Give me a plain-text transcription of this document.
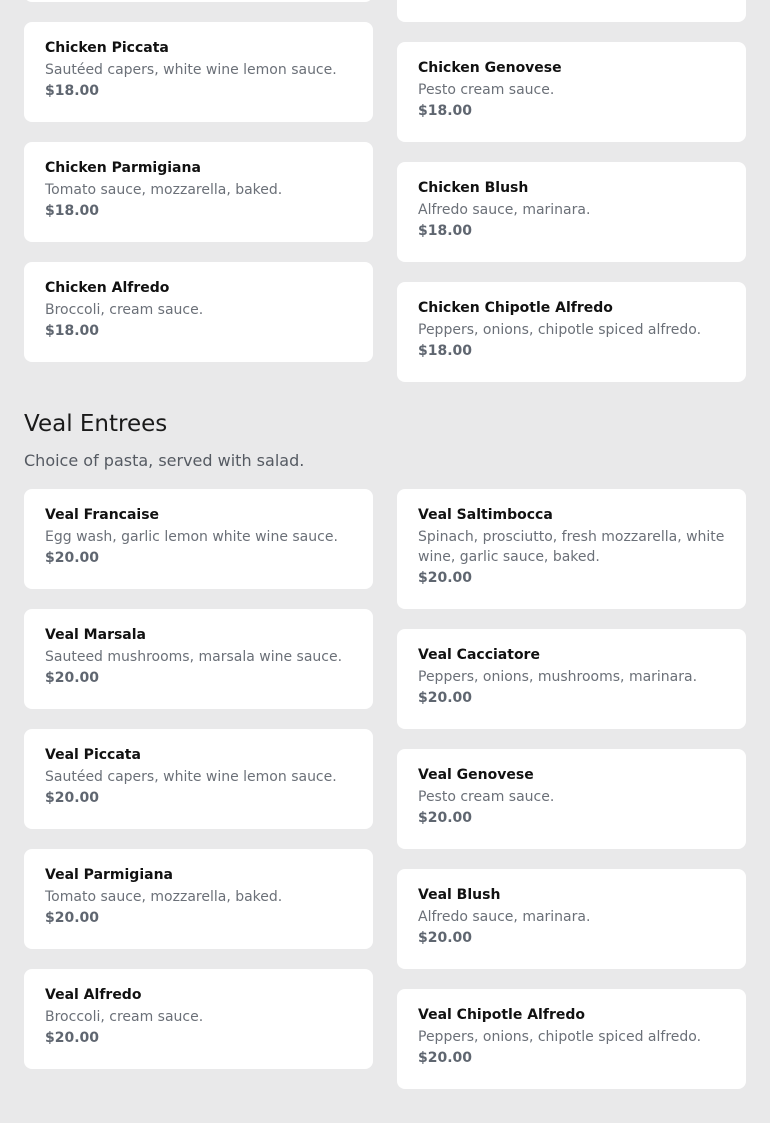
Chicken Piccata
Sautéed capers, white wine lemon sauce.
$18.00
Chicken Parmigiana
Tomato sauce, mozzarella, baked.
$18.00
Chicken Alfredo
Broccoli, cream sauce.
$18.00
Chicken Genovese
Pesto cream sauce.
$18.00
Chicken Blush
Alfredo sauce, marinara.
$18.00
Chicken Chipotle Alfredo
Peppers, onions, chipotle spiced alfredo.
$18.00
Veal Entrees

Choice of pasta, served with salad.

Veal Francaise
Egg wash, garlic lemon white wine sauce.
$20.00
Veal Marsala
Sauteed mushrooms, marsala wine sauce.
$20.00
Veal Piccata
Sautéed capers, white wine lemon sauce.
$20.00
Veal Parmigiana
Tomato sauce, mozzarella, baked.
$20.00
Veal Alfredo
Broccoli, cream sauce.
$20.00
Veal Saltimbocca
Spinach, prosciutto, fresh mozzarella, white wine, garlic sauce, baked.
$20.00
Veal Cacciatore
Peppers, onions, mushrooms, marinara.
$20.00
Veal Genovese
Pesto cream sauce.
$20.00
Veal Blush
Alfredo sauce, marinara.
$20.00
Veal Chipotle Alfredo
Peppers, onions, chipotle spiced alfredo.
$20.00
